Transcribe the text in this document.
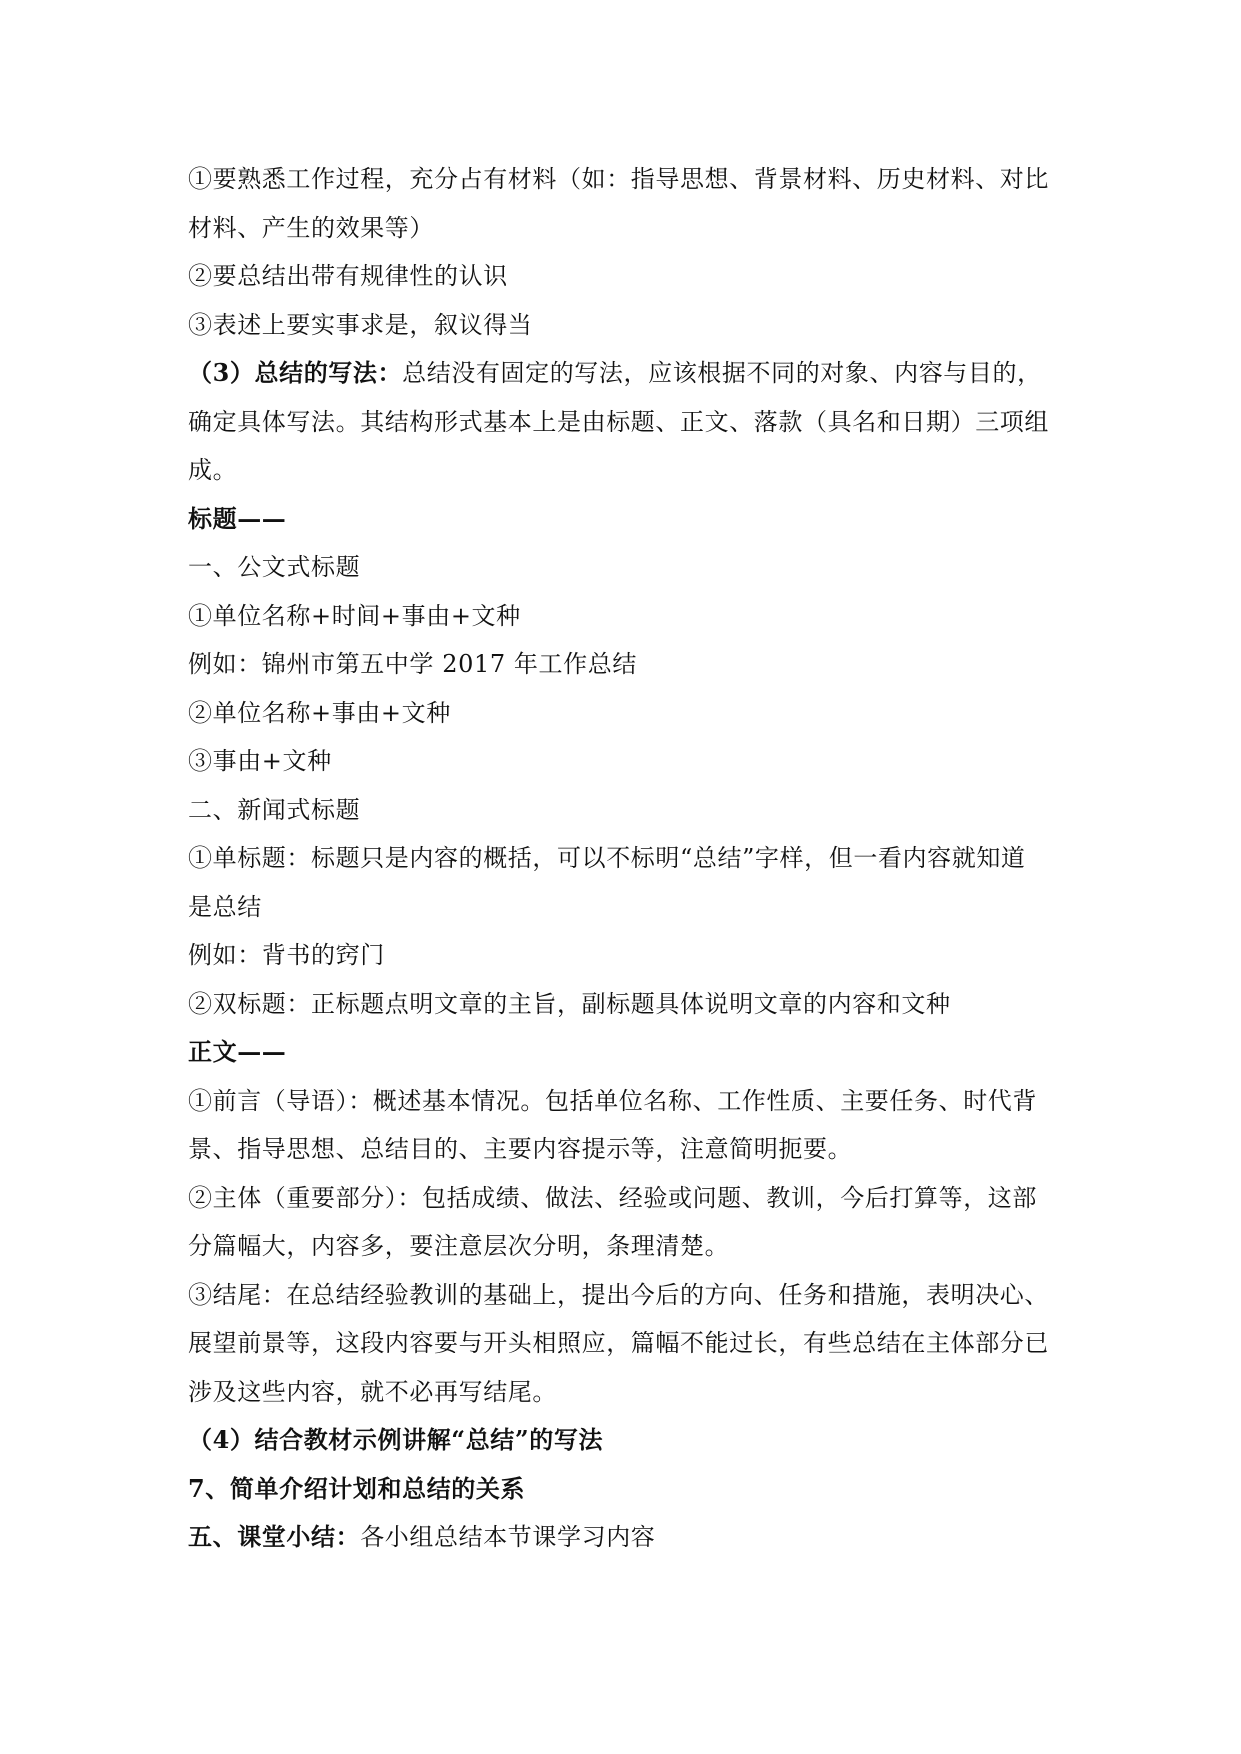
①要熟悉工作过程，充分占有材料（如：指导思想、背景材料、历史材料、对比

材料、产生的效果等）

②要总结出带有规律性的认识

③表述上要实事求是，叙议得当

（3）总结的写法：总结没有固定的写法，应该根据不同的对象、内容与目的，

确定具体写法。其结构形式基本上是由标题、正文、落款（具名和日期）三项组

成。

标题——

一、公文式标题

①单位名称+时间+事由+文种

例如：锦州市第五中学 2017 年工作总结

②单位名称+事由+文种

③事由+文种

二、新闻式标题

①单标题：标题只是内容的概括，可以不标明“总结”字样，但一看内容就知道

是总结

例如：背书的窍门

②双标题：正标题点明文章的主旨，副标题具体说明文章的内容和文种

正文——

①前言（导语）：概述基本情况。包括单位名称、工作性质、主要任务、时代背

景、指导思想、总结目的、主要内容提示等，注意简明扼要。

②主体（重要部分）：包括成绩、做法、经验或问题、教训，今后打算等，这部

分篇幅大，内容多，要注意层次分明，条理清楚。

③结尾：在总结经验教训的基础上，提出今后的方向、任务和措施，表明决心、

展望前景等，这段内容要与开头相照应，篇幅不能过长，有些总结在主体部分已

涉及这些内容，就不必再写结尾。

（4）结合教材示例讲解“总结”的写法

7、简单介绍计划和总结的关系

五、课堂小结：各小组总结本节课学习内容
